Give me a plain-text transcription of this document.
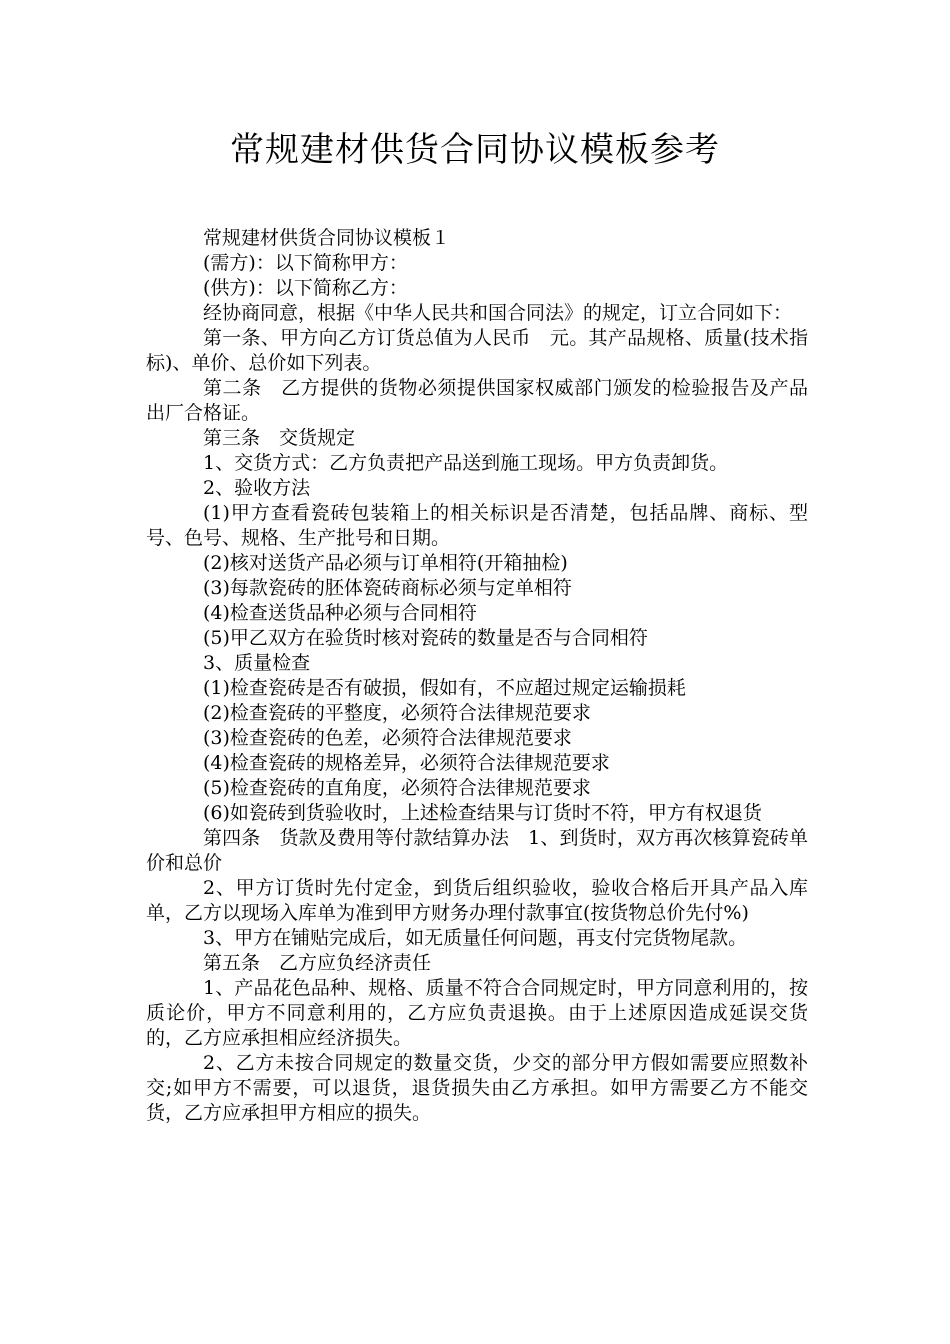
常规建材供货合同协议模板参考

常规建材供货合同协议模板１

(需方)：以下简称甲方：

(供方)：以下简称乙方：

经协商同意，根据《中华人民共和国合同法》的规定，订立合同如下：

第一条、甲方向乙方订货总值为人民币　元。其产品规格、质量(技术指标)、单价、总价如下列表。

第二条　乙方提供的货物必须提供国家权威部门颁发的检验报告及产品出厂合格证。

第三条　交货规定

1、交货方式：乙方负责把产品送到施工现场。甲方负责卸货。

2、验收方法

(1)甲方查看瓷砖包装箱上的相关标识是否清楚，包括品牌、商标、型号、色号、规格、生产批号和日期。

(2)核对送货产品必须与订单相符(开箱抽检)

(3)每款瓷砖的胚体瓷砖商标必须与定单相符

(4)检查送货品种必须与合同相符

(5)甲乙双方在验货时核对瓷砖的数量是否与合同相符

3、质量检查

(1)检查瓷砖是否有破损，假如有，不应超过规定运输损耗

(2)检查瓷砖的平整度，必须符合法律规范要求

(3)检查瓷砖的色差，必须符合法律规范要求

(4)检查瓷砖的规格差异，必须符合法律规范要求

(5)检查瓷砖的直角度，必须符合法律规范要求

(6)如瓷砖到货验收时，上述检查结果与订货时不符，甲方有权退货

第四条　货款及费用等付款结算办法　1、到货时，双方再次核算瓷砖单价和总价

2、甲方订货时先付定金，到货后组织验收，验收合格后开具产品入库单，乙方以现场入库单为准到甲方财务办理付款事宜(按货物总价先付%)

3、甲方在铺贴完成后，如无质量任何问题，再支付完货物尾款。

第五条　乙方应负经济责任

1、产品花色品种、规格、质量不符合合同规定时，甲方同意利用的，按质论价，甲方不同意利用的，乙方应负责退换。由于上述原因造成延误交货的，乙方应承担相应经济损失。

2、乙方未按合同规定的数量交货，少交的部分甲方假如需要应照数补交;如甲方不需要，可以退货，退货损失由乙方承担。如甲方需要乙方不能交货，乙方应承担甲方相应的损失。
